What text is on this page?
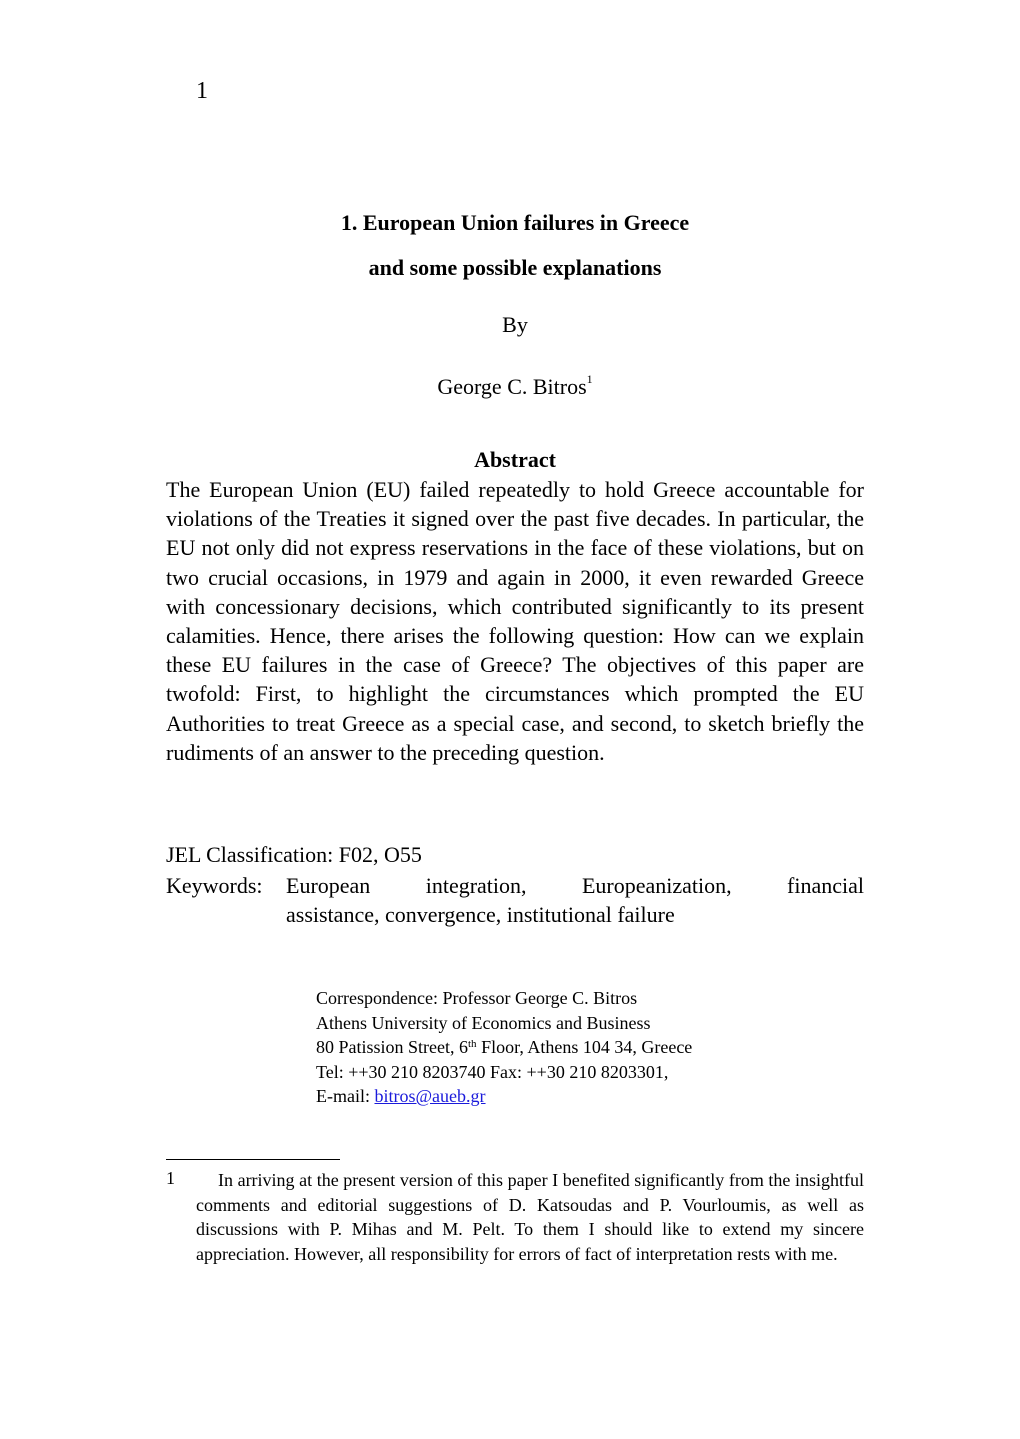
1
1. European Union failures in Greece
and some possible explanations
By
George C. Bitros$^1$
Abstract

The European Union (EU) failed repeatedly to hold Greece accountable for violations of the Treaties it signed over the past five decades. In particular, the EU not only did not express reservations in the face of these violations, but on two crucial occasions, in 1979 and again in 2000, it even rewarded Greece with concessionary decisions, which contributed significantly to its present calamities. Hence, there arises the following question: How can we explain these EU failures in the case of Greece? The objectives of this paper are twofold: First, to highlight the circumstances which prompted the EU Authorities to treat Greece as a special case, and second, to sketch briefly the rudiments of an answer to the preceding question.

JEL Classification: F02, O55
Keywords: European integration, Europeanization, financial
assistance, convergence, institutional failure
Correspondence: Professor George C. Bitros
Athens University of Economics and Business
80 Patission Street, 6th Floor, Athens 104 34, Greece
Tel: ++30 210 8203740 Fax: ++30 210 8203301,
E-mail: bitros@aueb.gr
1	In arriving at the present version of this paper I benefited significantly from the insightful comments and editorial suggestions of D. Katsoudas and P. Vourloumis, as well as discussions with P. Mihas and M. Pelt. To them I should like to extend my sincere appreciation. However, all responsibility for errors of fact of interpretation rests with me.
